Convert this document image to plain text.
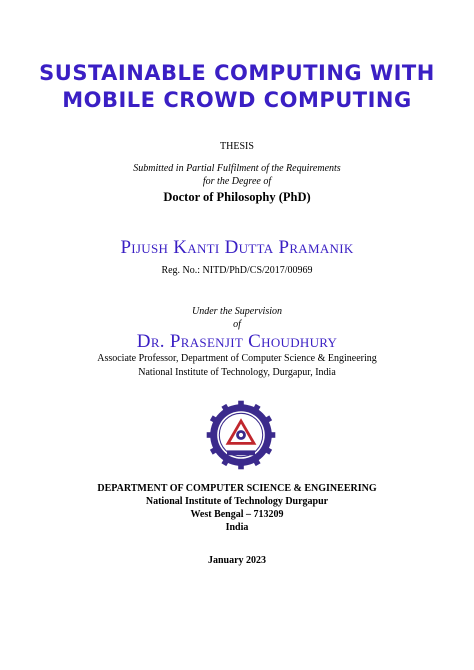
SUSTAINABLE COMPUTING WITH
MOBILE CROWD COMPUTING
THESIS
Submitted in Partial Fulfilment of the Requirements
for the Degree of
Doctor of Philosophy (PhD)
Pijush Kanti Dutta Pramanik
Reg. No.: NITD/PhD/CS/2017/00969
Under the Supervision
of
Dr. Prasenjit Choudhury
Associate Professor, Department of Computer Science & Engineering
National Institute of Technology, Durgapur, India
DEPARTMENT OF COMPUTER SCIENCE & ENGINEERING
National Institute of Technology Durgapur
West Bengal – 713209
India
January 2023
